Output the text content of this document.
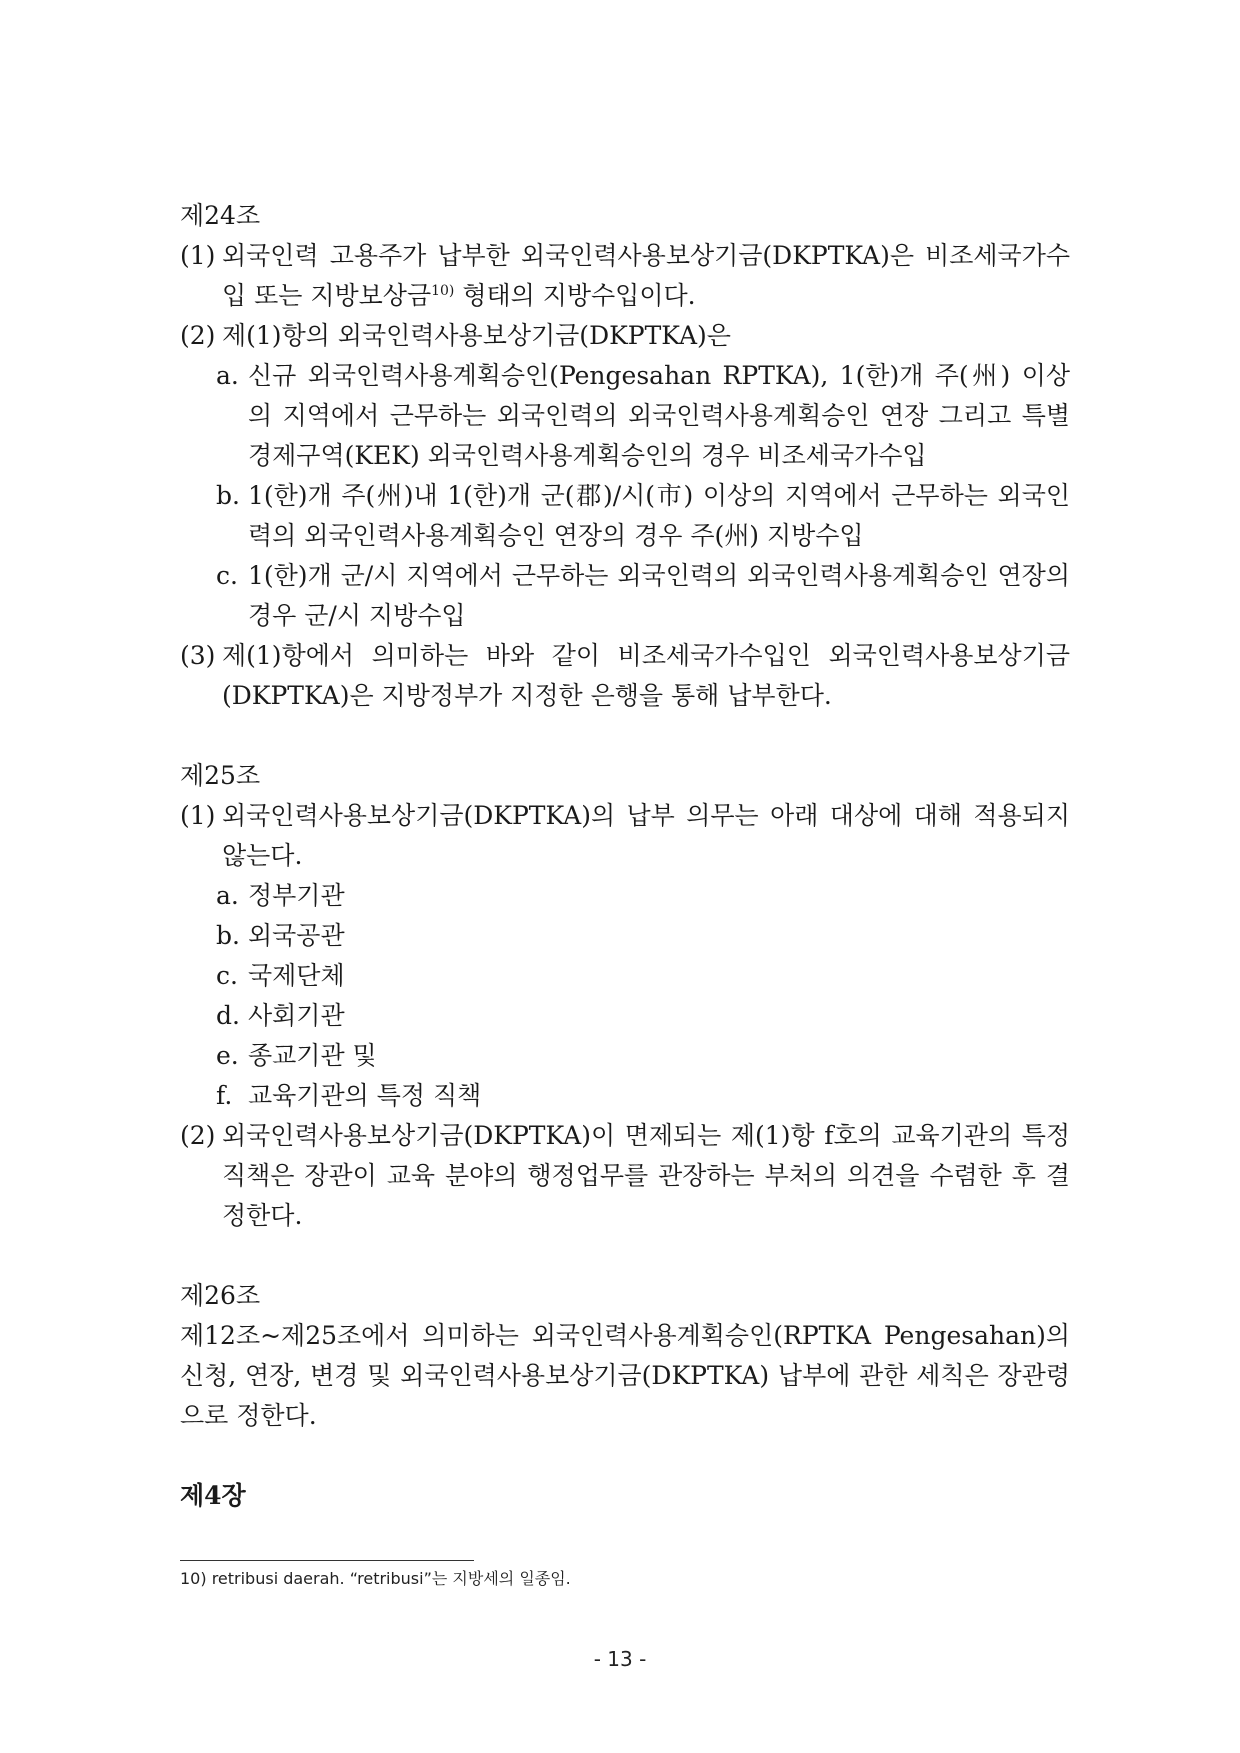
제24조

(1) 외국인력 고용주가 납부한 외국인력사용보상기금(DKPTKA)은 비조세국가수입 또는 지방보상금$^{10)}$ 형태의 지방수입이다.
(2) 제(1)항의 외국인력사용보상기금(DKPTKA)은
a. 신규 외국인력사용계획승인(Pengesahan RPTKA), 1(한)개 주(州) 이상의 지역에서 근무하는 외국인력의 외국인력사용계획승인 연장 그리고 특별경제구역(KEK) 외국인력사용계획승인의 경우 비조세국가수입
b. 1(한)개 주(州)내 1(한)개 군(郡)/시(市) 이상의 지역에서 근무하는 외국인력의 외국인력사용계획승인 연장의 경우 주(州) 지방수입
c. 1(한)개 군/시 지역에서 근무하는 외국인력의 외국인력사용계획승인 연장의 경우 군/시 지방수입
(3) 제(1)항에서 의미하는 바와 같이 비조세국가수입인 외국인력사용보상기금(DKPTKA)은 지방정부가 지정한 은행을 통해 납부한다.

제25조

(1) 외국인력사용보상기금(DKPTKA)의 납부 의무는 아래 대상에 대해 적용되지 않는다.
a. 정부기관
b. 외국공관
c. 국제단체
d. 사회기관
e. 종교기관 및
f. 교육기관의 특정 직책
(2) 외국인력사용보상기금(DKPTKA)이 면제되는 제(1)항 f호의 교육기관의 특정 직책은 장관이 교육 분야의 행정업무를 관장하는 부처의 의견을 수렴한 후 결정한다.

제26조

제12조~제25조에서 의미하는 외국인력사용계획승인(RPTKA Pengesahan)의 신청, 연장, 변경 및 외국인력사용보상기금(DKPTKA) 납부에 관한 세칙은 장관령으로 정한다.

제4장

10) retribusi daerah. “retribusi”는 지방세의 일종임.
- 13 -
